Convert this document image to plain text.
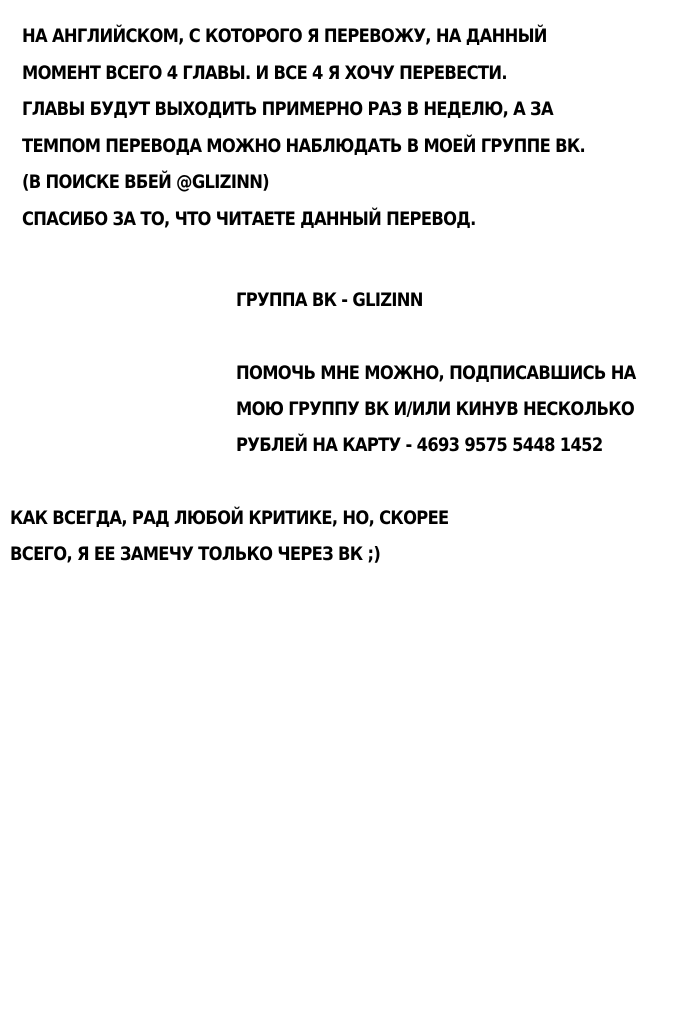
НА АНГЛИЙСКОМ, С КОТОРОГО Я ПЕРЕВОЖУ, НА ДАННЫЙ
МОМЕНТ ВСЕГО 4 ГЛАВЫ. И ВСЕ 4 Я ХОЧУ ПЕРЕВЕСТИ.
ГЛАВЫ БУДУТ ВЫХОДИТЬ ПРИМЕРНО РАЗ В НЕДЕЛЮ, А ЗА
ТЕМПОМ ПЕРЕВОДА МОЖНО НАБЛЮДАТЬ В МОЕЙ ГРУППЕ ВК.
(В ПОИСКЕ ВБЕЙ @GLIZINN)
СПАСИБО ЗА ТО, ЧТО ЧИТАЕТЕ ДАННЫЙ ПЕРЕВОД.
ГРУППА ВК - GLIZINN
ПОМОЧЬ МНЕ МОЖНО, ПОДПИСАВШИСЬ НА
МОЮ ГРУППУ ВК И/ИЛИ КИНУВ НЕСКОЛЬКО
РУБЛЕЙ НА КАРТУ - 4693 9575 5448 1452
КАК ВСЕГДА, РАД ЛЮБОЙ КРИТИКЕ, НО, СКОРЕЕ
ВСЕГО, Я ЕЕ ЗАМЕЧУ ТОЛЬКО ЧЕРЕЗ ВК ;)
